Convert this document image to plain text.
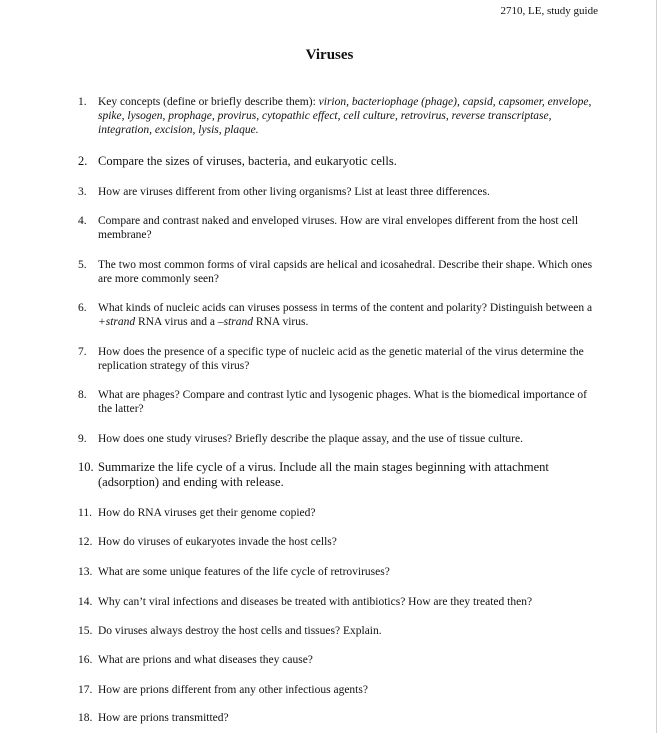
2710, LE, study guide
Viruses
1. Key concepts (define or briefly describe them): virion, bacteriophage (phage), capsid, capsomer, envelope, spike, lysogen, prophage, provirus, cytopathic effect, cell culture, retrovirus, reverse transcriptase, integration, excision, lysis, plaque.
2. Compare the sizes of viruses, bacteria, and eukaryotic cells.
3. How are viruses different from other living organisms? List at least three differences.
4. Compare and contrast naked and enveloped viruses. How are viral envelopes different from the host cell membrane?
5. The two most common forms of viral capsids are helical and icosahedral. Describe their shape. Which ones are more commonly seen?
6. What kinds of nucleic acids can viruses possess in terms of the content and polarity? Distinguish between a +strand RNA virus and a –strand RNA virus.
7. How does the presence of a specific type of nucleic acid as the genetic material of the virus determine the replication strategy of this virus?
8. What are phages? Compare and contrast lytic and lysogenic phages. What is the biomedical importance of the latter?
9. How does one study viruses? Briefly describe the plaque assay, and the use of tissue culture.
10. Summarize the life cycle of a virus. Include all the main stages beginning with attachment (adsorption) and ending with release.
11. How do RNA viruses get their genome copied?
12. How do viruses of eukaryotes invade the host cells?
13. What are some unique features of the life cycle of retroviruses?
14. Why can’t viral infections and diseases be treated with antibiotics? How are they treated then?
15. Do viruses always destroy the host cells and tissues? Explain.
16. What are prions and what diseases they cause?
17. How are prions different from any other infectious agents?
18. How are prions transmitted?
